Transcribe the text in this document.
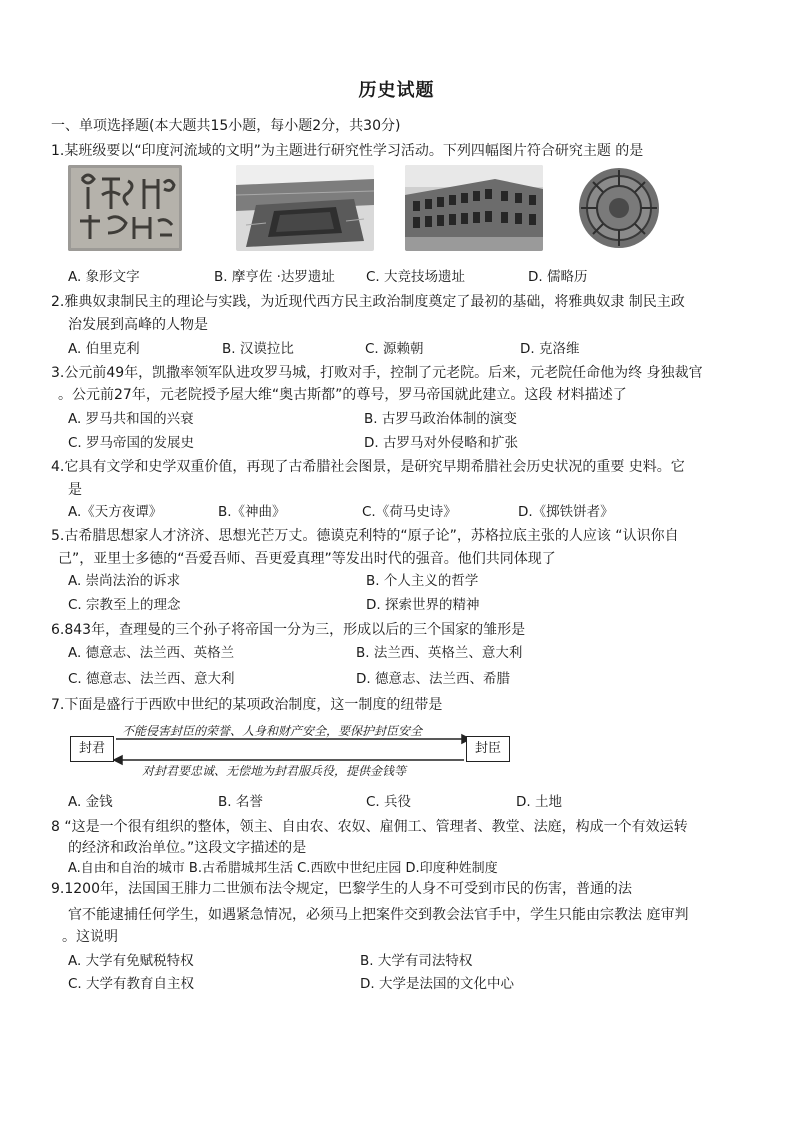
历史试题
一、单项选择题(本大题共15小题，每小题2分，共30分)
1.某班级要以“印度河流域的文明”为主题进行研究性学习活动。下列四幅图片符合研究主题 的是
A. 象形文字	B. 摩亨佐 ·达罗遗址 C. 大竞技场遗址	D. 儒略历
2.雅典奴隶制民主的理论与实践，为近现代西方民主政治制度奠定了最初的基础，将雅典奴隶 制民主政
治发展到高峰的人物是
A. 伯里克利	B. 汉谟拉比	C. 源赖朝	D. 克洛维
3.公元前49年，凯撒率领军队进攻罗马城，打败对手，控制了元老院。后来，元老院任命他为终 身独裁官
。公元前27年，元老院授予屋大维“奥古斯都”的尊号，罗马帝国就此建立。这段 材料描述了
A. 罗马共和国的兴衰	B. 古罗马政治体制的演变
C. 罗马帝国的发展史	D. 古罗马对外侵略和扩张
4.它具有文学和史学双重价值，再现了古希腊社会图景，是研究早期希腊社会历史状况的重要 史料。它
是
A.《天方夜谭》	B.《神曲》	C.《荷马史诗》	D.《掷铁饼者》
5.古希腊思想家人才济济、思想光芒万丈。德谟克利特的“原子论”，苏格拉底主张的人应该 “认识你自
己”，亚里士多德的“吾爱吾师、吾更爱真理”等发出时代的强音。他们共同体现了
A. 崇尚法治的诉求	B. 个人主义的哲学
C. 宗教至上的理念	D. 探索世界的精神
6.843年，查理曼的三个孙子将帝国一分为三，形成以后的三个国家的雏形是
A. 德意志、法兰西、英格兰	B. 法兰西、英格兰、意大利
C. 德意志、法兰西、意大利	D. 德意志、法兰西、希腊
7.下面是盛行于西欧中世纪的某项政治制度，这一制度的纽带是
封君	封臣
不能侵害封臣的荣誉、人身和财产安全，要保护封臣安全
对封君要忠诚、无偿地为封君服兵役，提供金钱等
A. 金钱	B. 名誉	C. 兵役	D. 土地
8 “这是一个很有组织的整体，领主、自由农、农奴、雇佣工、管理者、教堂、法庭，构成一个有效运转
的经济和政治单位。”这段文字描述的是
A.自由和自治的城市 B.古希腊城邦生活 C.西欧中世纪庄园 D.印度种姓制度
9.1200年，法国国王腓力二世颁布法令规定，巴黎学生的人身不可受到市民的伤害，普通的法
官不能逮捕任何学生，如遇紧急情况，必须马上把案件交到教会法官手中，学生只能由宗教法 庭审判
。这说明
A. 大学有免赋税特权	B. 大学有司法特权
C. 大学有教育自主权	D. 大学是法国的文化中心
